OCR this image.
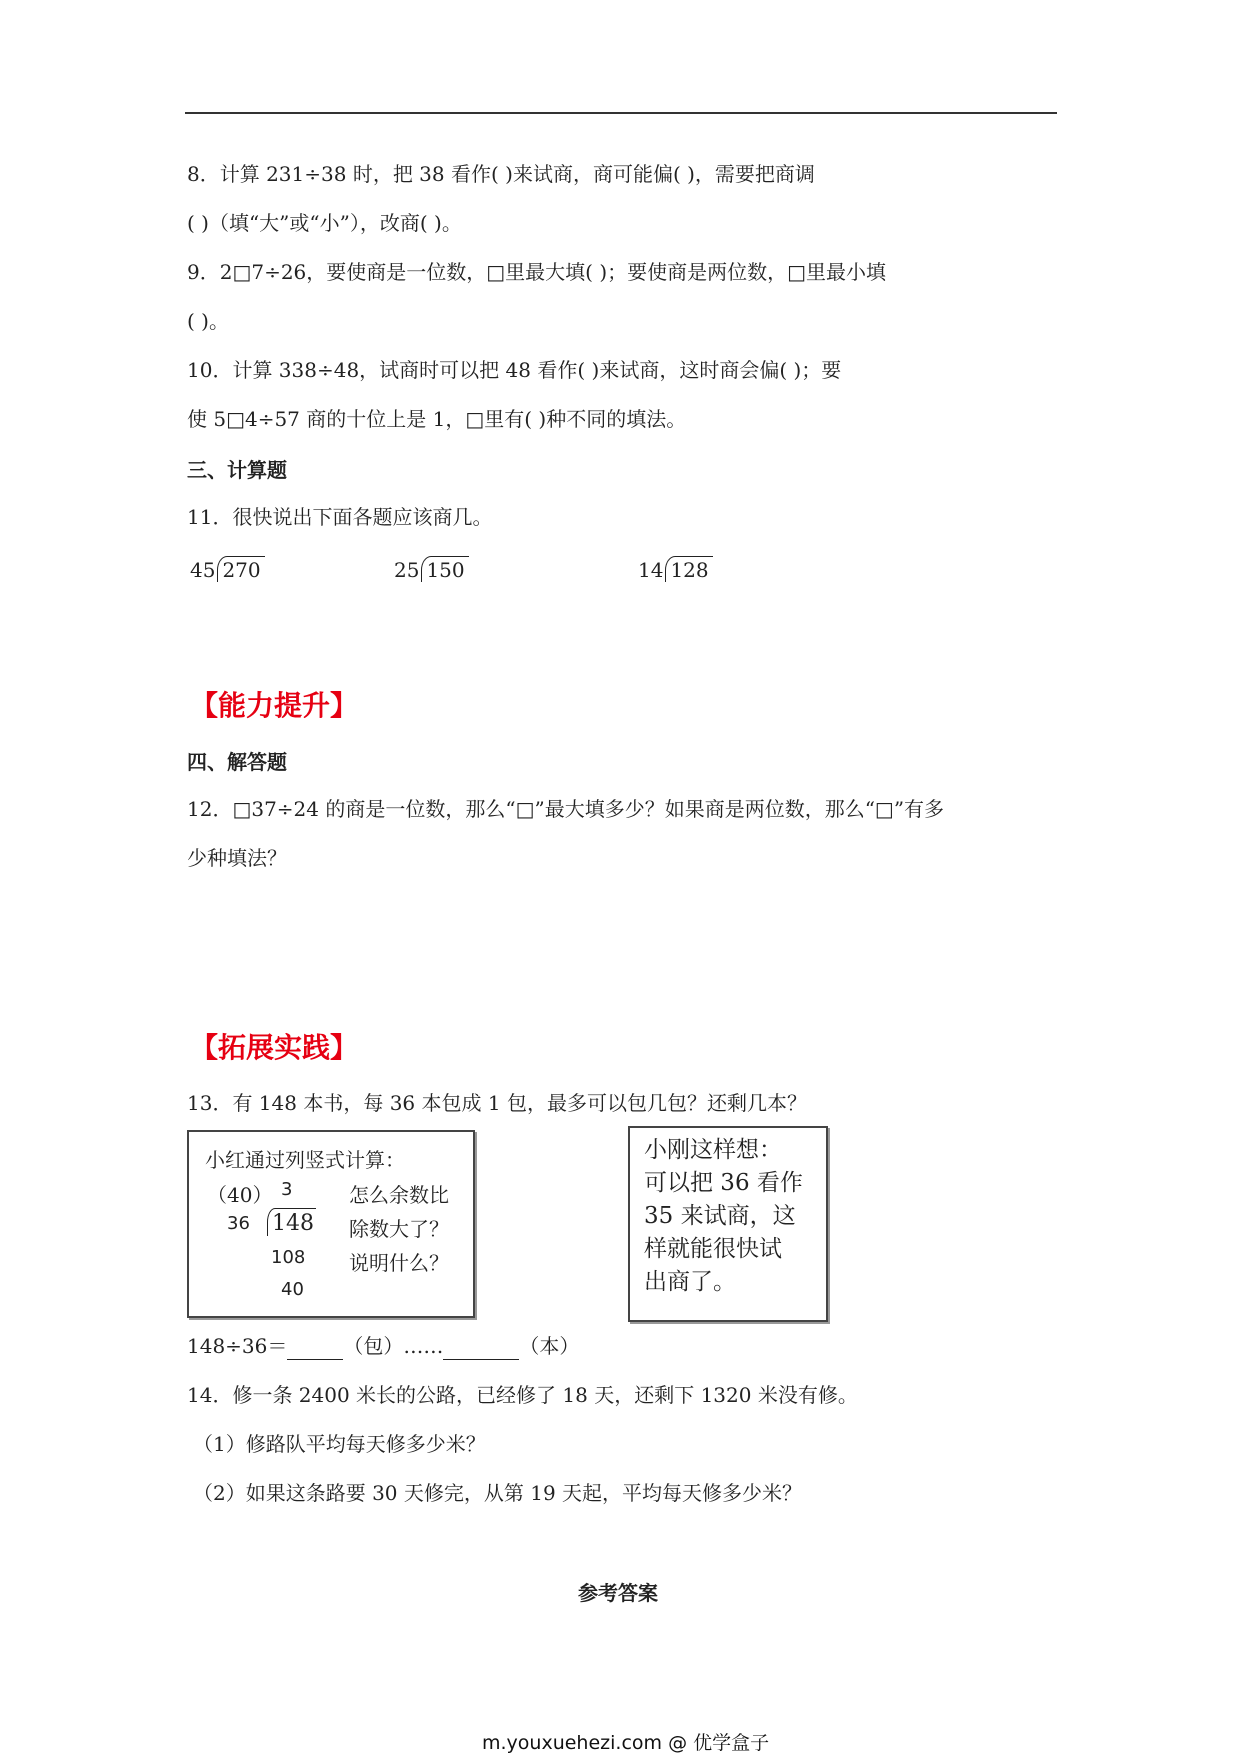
8．计算 231÷38 时，把 38 看作( )来试商，商可能偏( )，需要把商调
( )（填“大”或“小”），改商( )。
9．2□7÷26，要使商是一位数，□里最大填( )；要使商是两位数，□里最小填
( )。
10．计算 338÷48，试商时可以把 48 看作( )来试商，这时商会偏( )；要
使 5□4÷57 商的十位上是 1，□里有( )种不同的填法。
三、计算题
11．很快说出下面各题应该商几。
45 270	25 150	14 128
【能力提升】
四、解答题
12．□37÷24 的商是一位数，那么“□”最大填多少？如果商是两位数，那么“□”有多
少种填法？
【拓展实践】
13．有 148 本书，每 36 本包成 1 包，最多可以包几包？还剩几本？
小红通过列竖式计算：
（40） 3
36 148
108
40
怎么余数比
除数大了？
说明什么？
小刚这样想：
可以把 36 看作
35 来试商，这
样就能很快试
出商了。
148÷36＝	（包）……	（本）
14．修一条 2400 米长的公路，已经修了 18 天，还剩下 1320 米没有修。
（1）修路队平均每天修多少米？
（2）如果这条路要 30 天修完，从第 19 天起，平均每天修多少米？
参考答案
m.youxuehezi.com @ 优学盒子
